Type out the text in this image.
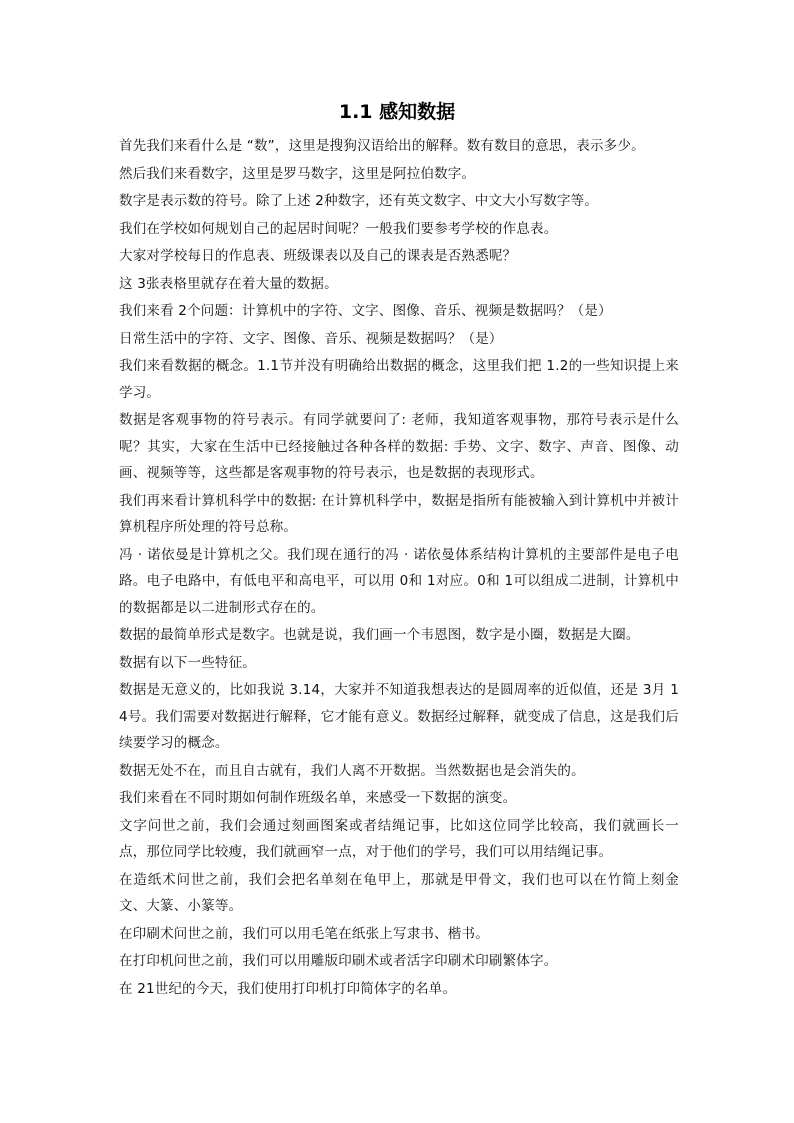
1.1 感知数据

首先我们来看什么是 “数”，这里是搜狗汉语给出的解释。数有数目的意思，表示多少。

然后我们来看数字，这里是罗马数字，这里是阿拉伯数字。

数字是表示数的符号。除了上述 2种数字，还有英文数字、中文大小写数字等。

我们在学校如何规划自己的起居时间呢？一般我们要参考学校的作息表。

大家对学校每日的作息表、班级课表以及自己的课表是否熟悉呢？

这 3张表格里就存在着大量的数据。

我们来看 2个问题：计算机中的字符、文字、图像、音乐、视频是数据吗？（是）

日常生活中的字符、文字、图像、音乐、视频是数据吗？（是）

我们来看数据的概念。1.1节并没有明确给出数据的概念，这里我们把 1.2的一些知识提上来学习。

数据是客观事物的符号表示。有同学就要问了: 老师，我知道客观事物，那符号表示是什么呢？其实，大家在生活中已经接触过各种各样的数据: 手势、文字、数字、声音、图像、动画、视频等等，这些都是客观事物的符号表示，也是数据的表现形式。

我们再来看计算机科学中的数据: 在计算机科学中，数据是指所有能被输入到计算机中并被计算机程序所处理的符号总称。

冯 · 诺依曼是计算机之父。我们现在通行的冯 · 诺依曼体系结构计算机的主要部件是电子电路。电子电路中，有低电平和高电平，可以用 0和 1对应。0和 1可以组成二进制，计算机中的数据都是以二进制形式存在的。

数据的最简单形式是数字。也就是说，我们画一个韦恩图，数字是小圈，数据是大圈。

数据有以下一些特征。

数据是无意义的，比如我说 3.14，大家并不知道我想表达的是圆周率的近似值，还是 3月 14号。我们需要对数据进行解释，它才能有意义。数据经过解释，就变成了信息，这是我们后续要学习的概念。

数据无处不在，而且自古就有，我们人离不开数据。当然数据也是会消失的。

我们来看在不同时期如何制作班级名单，来感受一下数据的演变。

文字问世之前，我们会通过刻画图案或者结绳记事，比如这位同学比较高，我们就画长一点，那位同学比较瘦，我们就画窄一点，对于他们的学号，我们可以用结绳记事。

在造纸术问世之前，我们会把名单刻在龟甲上，那就是甲骨文，我们也可以在竹简上刻金文、大篆、小篆等。

在印刷术问世之前，我们可以用毛笔在纸张上写隶书、楷书。

在打印机问世之前，我们可以用雕版印刷术或者活字印刷术印刷繁体字。

在 21世纪的今天，我们使用打印机打印简体字的名单。
